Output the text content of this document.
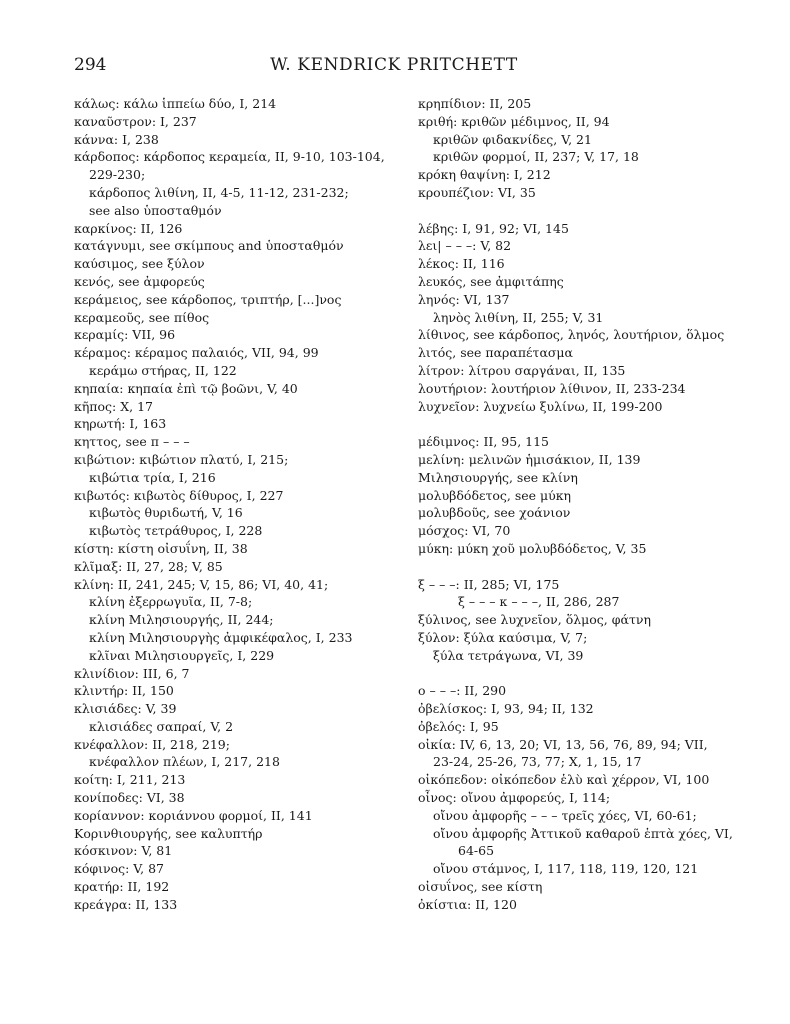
294	W. KENDRICK PRITCHETT
κάλως: κάλω ἱππείω δύο, I, 214
καναῦστρον: I, 237
κάννα: I, 238
κάρδοπος: κάρδοπος κεραμεία, II, 9-10, 103-104,
229-230;
κάρδοπος λιθίνη, II, 4-5, 11-12, 231-232;
see also ὑποσταθμόν
καρκίνος: II, 126
κατάγνυμι, see σκίμπους and ὑποσταθμόν
καύσιμος, see ξύλον
κενός, see ἀμφορεύς
κεράμειος, see κάρδοπος, τριπτήρ, [...]νος
κεραμεοῦς, see πίθος
κεραμίς: VII, 96
κέραμος: κέραμος παλαιός, VII, 94, 99
κεράμω στήρας, II, 122
κηπαία: κηπαία ἐπὶ τῷ βοῶνι, V, 40
κῆπος: X, 17
κηρωτή: I, 163
κηττος, see π – – –
κιβώτιον: κιβώτιον πλατύ, I, 215;
κιβώτια τρία, I, 216
κιβωτός: κιβωτὸς δίθυρος, I, 227
κιβωτὸς θυριδωτή, V, 16
κιβωτὸς τετράθυρος, I, 228
κίστη: κίστη οἰσυΐνη, II, 38
κλῖμαξ: II, 27, 28; V, 85
κλίνη: II, 241, 245; V, 15, 86; VI, 40, 41;
κλίνη ἐξερρωγυῖα, II, 7-8;
κλίνη Μιλησιουργής, II, 244;
κλίνη Μιλησιουργὴς ἀμφικέφαλος, I, 233
κλῖναι Μιλησιουργεῖς, I, 229
κλινίδιον: III, 6, 7
κλιντήρ: II, 150
κλισιάδες: V, 39
κλισιάδες σαπραί, V, 2
κνέφαλλον: II, 218, 219;
κνέφαλλον πλέων, I, 217, 218
κοίτη: I, 211, 213
κονίποδες: VI, 38
κορίαννον: κοριάννου φορμοί, II, 141
Κορινθιουργής, see καλυπτήρ
κόσκινον: V, 81
κόφινος: V, 87
κρατήρ: II, 192
κρεάγρα: II, 133
κρηπίδιον: II, 205
κριθή: κριθῶν μέδιμνος, II, 94
κριθῶν φιδακνίδες, V, 21
κριθῶν φορμοί, II, 237; V, 17, 18
κρόκη θαψίνη: I, 212
κρουπέζιον: VI, 35
λέβης: I, 91, 92; VI, 145
λει| – – –: V, 82
λέκος: II, 116
λευκός, see ἀμφιτάπης
ληνός: VI, 137
ληνὸς λιθίνη, II, 255; V, 31
λίθινος, see κάρδοπος, ληνός, λουτήριον, ὅλμος
λιτός, see παραπέτασμα
λίτρον: λίτρου σαργάναι, II, 135
λουτήριον: λουτήριον λίθινον, II, 233-234
λυχνεῖον: λυχνείω ξυλίνω, II, 199-200
μέδιμνος: II, 95, 115
μελίνη: μελινῶν ἡμισάκιον, II, 139
Μιλησιουργής, see κλίνη
μολυβδόδετος, see μύκη
μολυβδοῦς, see χοάνιον
μόσχος: VI, 70
μύκη: μύκη χοῦ μολυβδόδετος, V, 35
ξ – – –: II, 285; VI, 175
ξ – – – κ – – –, II, 286, 287
ξύλινος, see λυχνεῖον, ὅλμος, φάτνη
ξύλον: ξύλα καύσιμα, V, 7;
ξύλα τετράγωνα, VI, 39
ο – – –: II, 290
ὀβελίσκος: I, 93, 94; II, 132
ὀβελός: I, 95
οἰκία: IV, 6, 13, 20; VI, 13, 56, 76, 89, 94; VII,
23-24, 25-26, 73, 77; X, 1, 15, 17
οἰκόπεδον: οἰκόπεδον ἑλὺ καὶ χέρρον, VI, 100
οἶνος: οἴνου ἀμφορεύς, I, 114;
οἴνου ἀμφορῆς – – – τρεῖς χόες, VI, 60-61;
οἴνου ἀμφορῆς Ἀττικοῦ καθαροῦ ἑπτὰ χόες, VI,
64-65
οἴνου στάμνος, I, 117, 118, 119, 120, 121
οἰσυΐνος, see κίστη
ὀκίστια: II, 120
